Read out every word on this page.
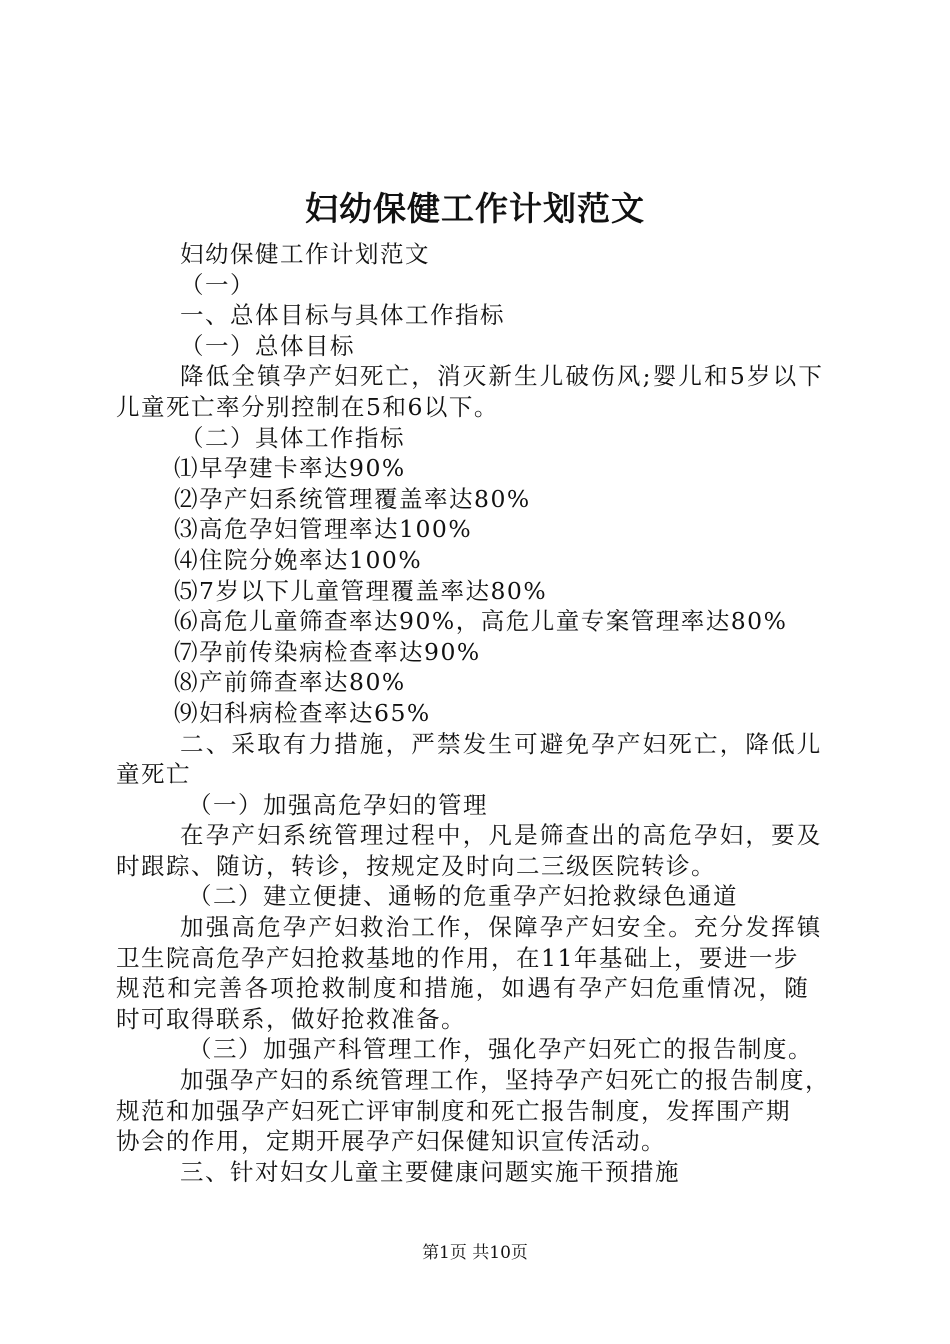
妇幼保健工作计划范文
妇幼保健工作计划范文
（一）
一、总体目标与具体工作指标
（一）总体目标
降低全镇孕产妇死亡，消灭新生儿破伤风;婴儿和5岁以下
儿童死亡率分别控制在5和6以下。
（二）具体工作指标
⑴早孕建卡率达90%
⑵孕产妇系统管理覆盖率达80%
⑶高危孕妇管理率达100%
⑷住院分娩率达100%
⑸7岁以下儿童管理覆盖率达80%
⑹高危儿童筛查率达90%，高危儿童专案管理率达80%
⑺孕前传染病检查率达90%
⑻产前筛查率达80%
⑼妇科病检查率达65%
二、采取有力措施，严禁发生可避免孕产妇死亡，降低儿
童死亡
（一）加强高危孕妇的管理
在孕产妇系统管理过程中，凡是筛查出的高危孕妇，要及
时跟踪、随访，转诊，按规定及时向二三级医院转诊。
（二）建立便捷、通畅的危重孕产妇抢救绿色通道
加强高危孕产妇救治工作，保障孕产妇安全。充分发挥镇
卫生院高危孕产妇抢救基地的作用，在11年基础上，要进一步
规范和完善各项抢救制度和措施，如遇有孕产妇危重情况，随
时可取得联系，做好抢救准备。
（三）加强产科管理工作，强化孕产妇死亡的报告制度。
加强孕产妇的系统管理工作，坚持孕产妇死亡的报告制度，
规范和加强孕产妇死亡评审制度和死亡报告制度，发挥围产期
协会的作用，定期开展孕产妇保健知识宣传活动。
三、针对妇女儿童主要健康问题实施干预措施
第1页 共10页
